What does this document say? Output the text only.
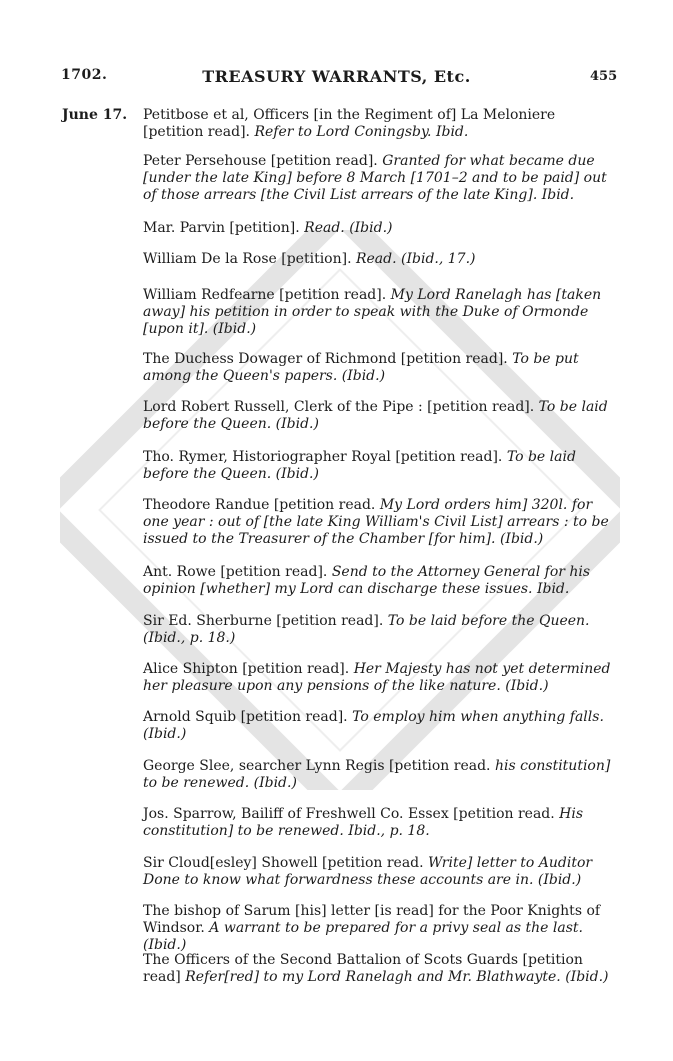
1702.	TREASURY WARRANTS, Etc.	455
June 17. Petitbose et al, Officers [in the Regiment of] La Meloniere [petition read]. Refer to Lord Coningsby. Ibid.
Peter Persehouse [petition read]. Granted for what became due [under the late King] before 8 March [1701–2 and to be paid] out of those arrears [the Civil List arrears of the late King]. Ibid.
Mar. Parvin [petition]. Read. (Ibid.)
William De la Rose [petition]. Read. (Ibid., 17.)
William Redfearne [petition read]. My Lord Ranelagh has [taken away] his petition in order to speak with the Duke of Ormonde [upon it]. (Ibid.)
The Duchess Dowager of Richmond [petition read]. To be put among the Queen's papers. (Ibid.)
Lord Robert Russell, Clerk of the Pipe : [petition read]. To be laid before the Queen. (Ibid.)
Tho. Rymer, Historiographer Royal [petition read]. To be laid before the Queen. (Ibid.)
Theodore Randue [petition read. My Lord orders him] 320l. for one year : out of [the late King William's Civil List] arrears : to be issued to the Treasurer of the Chamber [for him]. (Ibid.)
Ant. Rowe [petition read]. Send to the Attorney General for his opinion [whether] my Lord can discharge these issues. Ibid.
Sir Ed. Sherburne [petition read]. To be laid before the Queen. (Ibid., p. 18.)
Alice Shipton [petition read]. Her Majesty has not yet determined her pleasure upon any pensions of the like nature. (Ibid.)
Arnold Squib [petition read]. To employ him when anything falls. (Ibid.)
George Slee, searcher Lynn Regis [petition read. his constitution] to be renewed. (Ibid.)
Jos. Sparrow, Bailiff of Freshwell Co. Essex [petition read. His constitution] to be renewed. Ibid., p. 18.
Sir Cloud[esley] Showell [petition read. Write] letter to Auditor Done to know what forwardness these accounts are in. (Ibid.)
The bishop of Sarum [his] letter [is read] for the Poor Knights of Windsor. A warrant to be prepared for a privy seal as the last. (Ibid.)
The Officers of the Second Battalion of Scots Guards [petition read] Refer[red] to my Lord Ranelagh and Mr. Blathwayte. (Ibid.)
